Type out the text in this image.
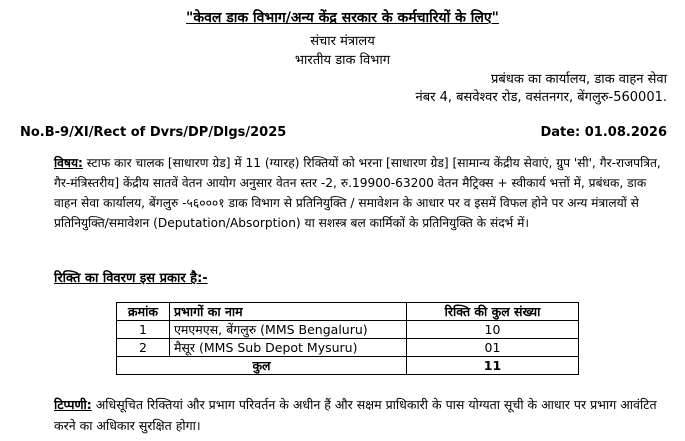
"केवल डाक विभाग/अन्य केंद्र सरकार के कर्मचारियों के लिए"
संचार मंत्रालय
भारतीय डाक विभाग
प्रबंधक का कार्यालय, डाक वाहन सेवा
नंबर 4, बसवेश्वर रोड, वसंतनगर, बेंगलुरु-560001.
No.B-9/XI/Rect of Dvrs/DP/Dlgs/2025	Date: 01.08.2026
विषय: स्टाफ कार चालक [साधारण ग्रेड] में 11 (ग्यारह) रिक्तियों को भरना [साधारण ग्रेड] [सामान्य केंद्रीय सेवाएं, ग्रुप 'सी', गैर-राजपत्रित, गैर-मंत्रिस्तरीय] केंद्रीय सातवें वेतन आयोग अनुसार वेतन स्तर -2, रु.19900-63200 वेतन मैट्रिक्स + स्वीकार्य भत्तों में, प्रबंधक, डाक वाहन सेवा कार्यालय, बेंगलुरु -५६०००१ डाक विभाग से प्रतिनियुक्ति / समावेशन के आधार पर व इसमें विफल होने पर अन्य मंत्रालयों से प्रतिनियुक्ति/समावेशन (Deputation/Absorption) या सशस्त्र बल कार्मिकों के प्रतिनियुक्ति के संदर्भ में।
रिक्ति का विवरण इस प्रकार है:-
क्रमांक	प्रभागों का नाम	रिक्ति की कुल संख्या
1	एमएमएस, बेंगलुरु (MMS Bengaluru)	10
2	मैसूर (MMS Sub Depot Mysuru)	01
कुल		11
टिप्पणी: अधिसूचित रिक्तियां और प्रभाग परिवर्तन के अधीन हैं और सक्षम प्राधिकारी के पास योग्यता सूची के आधार पर प्रभाग आवंटित करने का अधिकार सुरक्षित होगा।
